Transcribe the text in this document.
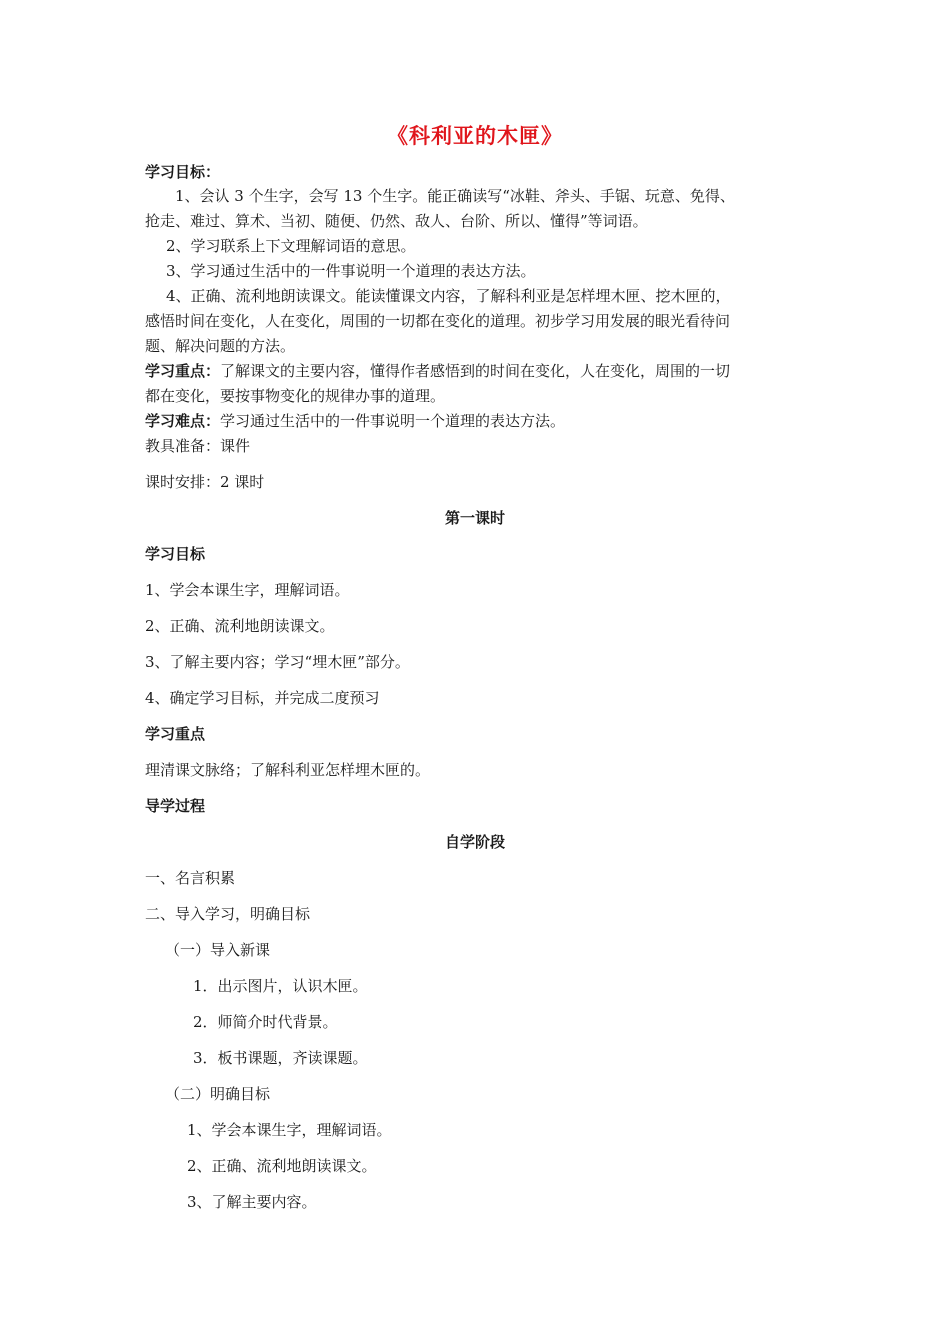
《科利亚的木匣》
学习目标：
1、会认 3 个生字，会写 13 个生字。能正确读写“冰鞋、斧头、手锯、玩意、免得、
抢走、难过、算术、当初、随便、仍然、敌人、台阶、所以、懂得”等词语。
2、学习联系上下文理解词语的意思。
3、学习通过生活中的一件事说明一个道理的表达方法。
4、正确、流利地朗读课文。能读懂课文内容，了解科利亚是怎样埋木匣、挖木匣的，
感悟时间在变化，人在变化，周围的一切都在变化的道理。初步学习用发展的眼光看待问
题、解决问题的方法。
学习重点：了解课文的主要内容，懂得作者感悟到的时间在变化，人在变化，周围的一切
都在变化，要按事物变化的规律办事的道理。
学习难点：学习通过生活中的一件事说明一个道理的表达方法。
教具准备：课件
课时安排：2 课时
第一课时
学习目标
1、学会本课生字，理解词语。
2、正确、流利地朗读课文。
3、了解主要内容；学习“埋木匣”部分。
4、确定学习目标，并完成二度预习
学习重点
理清课文脉络；了解科利亚怎样埋木匣的。
导学过程
自学阶段
一、名言积累
二、导入学习，明确目标
（一）导入新课
1．出示图片，认识木匣。
2．师简介时代背景。
3．板书课题，齐读课题。
（二）明确目标
1、学会本课生字，理解词语。
2、正确、流利地朗读课文。
3、了解主要内容。
